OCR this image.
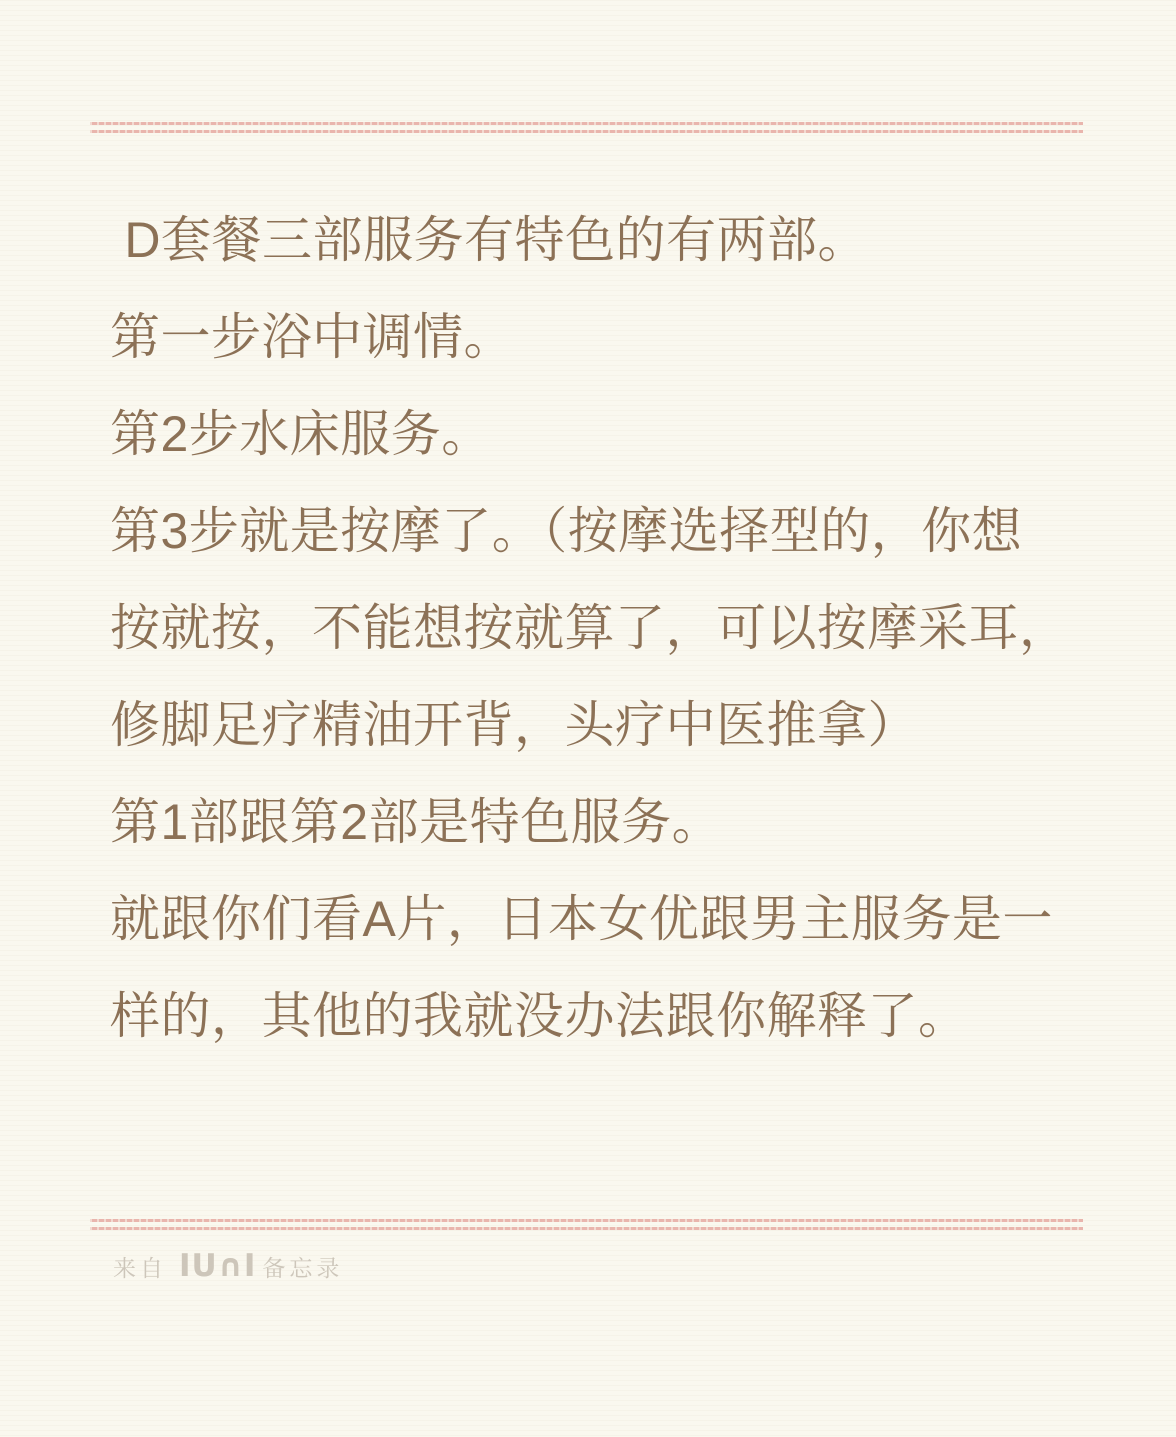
D套餐三部服务有特色的有两部。
第一步浴中调情。
第2步水床服务。
第3步就是按摩了。（按摩选择型的，你想
按就按，不能想按就算了，可以按摩采耳，
修脚足疗精油开背，头疗中医推拿）
第1部跟第2部是特色服务。
就跟你们看A片，日本女优跟男主服务是一
样的，其他的我就没办法跟你解释了。
来自 IU∩I 备忘录
